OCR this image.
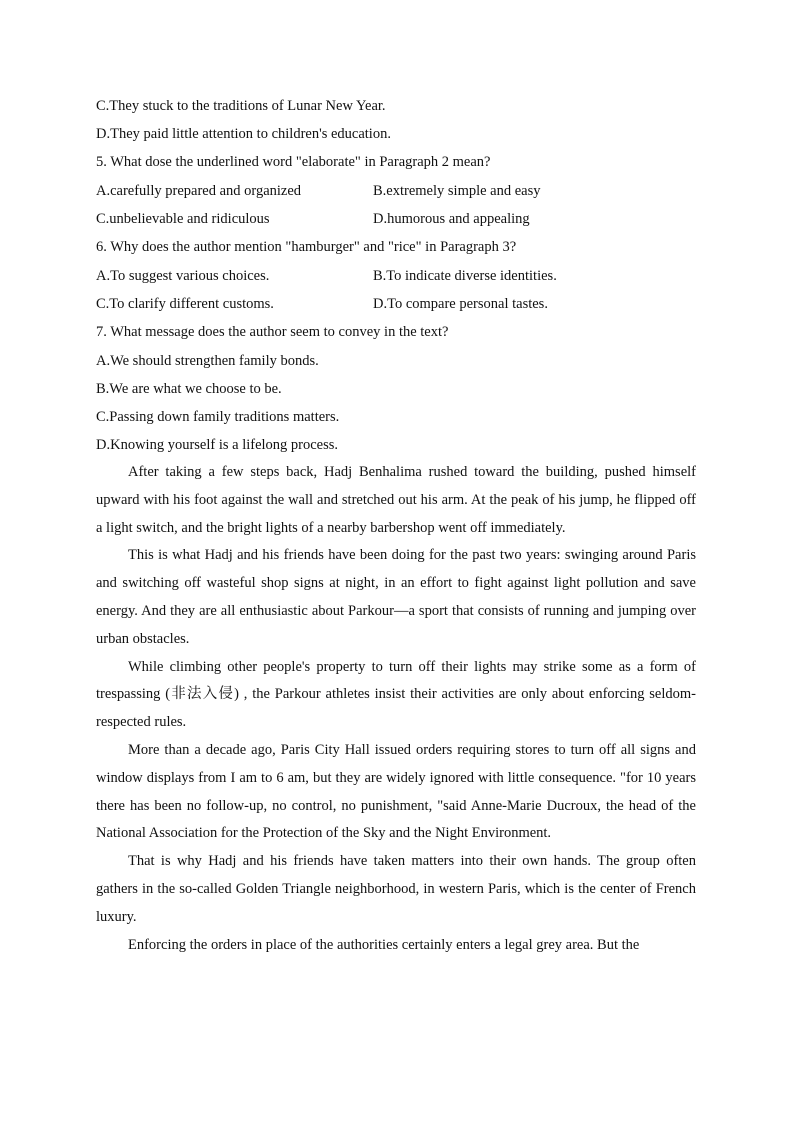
C.They stuck to the traditions of Lunar New Year.
D.They paid little attention to children's education.
5. What dose the underlined word "elaborate" in Paragraph 2 mean?
A.carefully prepared and organized	B.extremely simple and easy
C.unbelievable and ridiculous	D.humorous and appealing
6. Why does the author mention "hamburger" and "rice" in Paragraph 3?
A.To suggest various choices.	B.To indicate diverse identities.
C.To clarify different customs.	D.To compare personal tastes.
7. What message does the author seem to convey in the text?
A.We should strengthen family bonds.
B.We are what we choose to be.
C.Passing down family traditions matters.
D.Knowing yourself is a lifelong process.

After taking a few steps back, Hadj Benhalima rushed toward the building, pushed himself upward with his foot against the wall and stretched out his arm. At the peak of his jump, he flipped off a light switch, and the bright lights of a nearby barbershop went off immediately.

This is what Hadj and his friends have been doing for the past two years: swinging around Paris and switching off wasteful shop signs at night, in an effort to fight against light pollution and save energy. And they are all enthusiastic about Parkour—a sport that consists of running and jumping over urban obstacles.

While climbing other people's property to turn off their lights may strike some as a form of trespassing (非法入侵) , the Parkour athletes insist their activities are only about enforcing seldom-respected rules.

More than a decade ago, Paris City Hall issued orders requiring stores to turn off all signs and window displays from I am to 6 am, but they are widely ignored with little consequence. "for 10 years there has been no follow-up, no control, no punishment, "said Anne-Marie Ducroux, the head of the National Association for the Protection of the Sky and the Night Environment.

That is why Hadj and his friends have taken matters into their own hands. The group often gathers in the so-called Golden Triangle neighborhood, in western Paris, which is the center of French luxury.

Enforcing the orders in place of the authorities certainly enters a legal grey area. But the
